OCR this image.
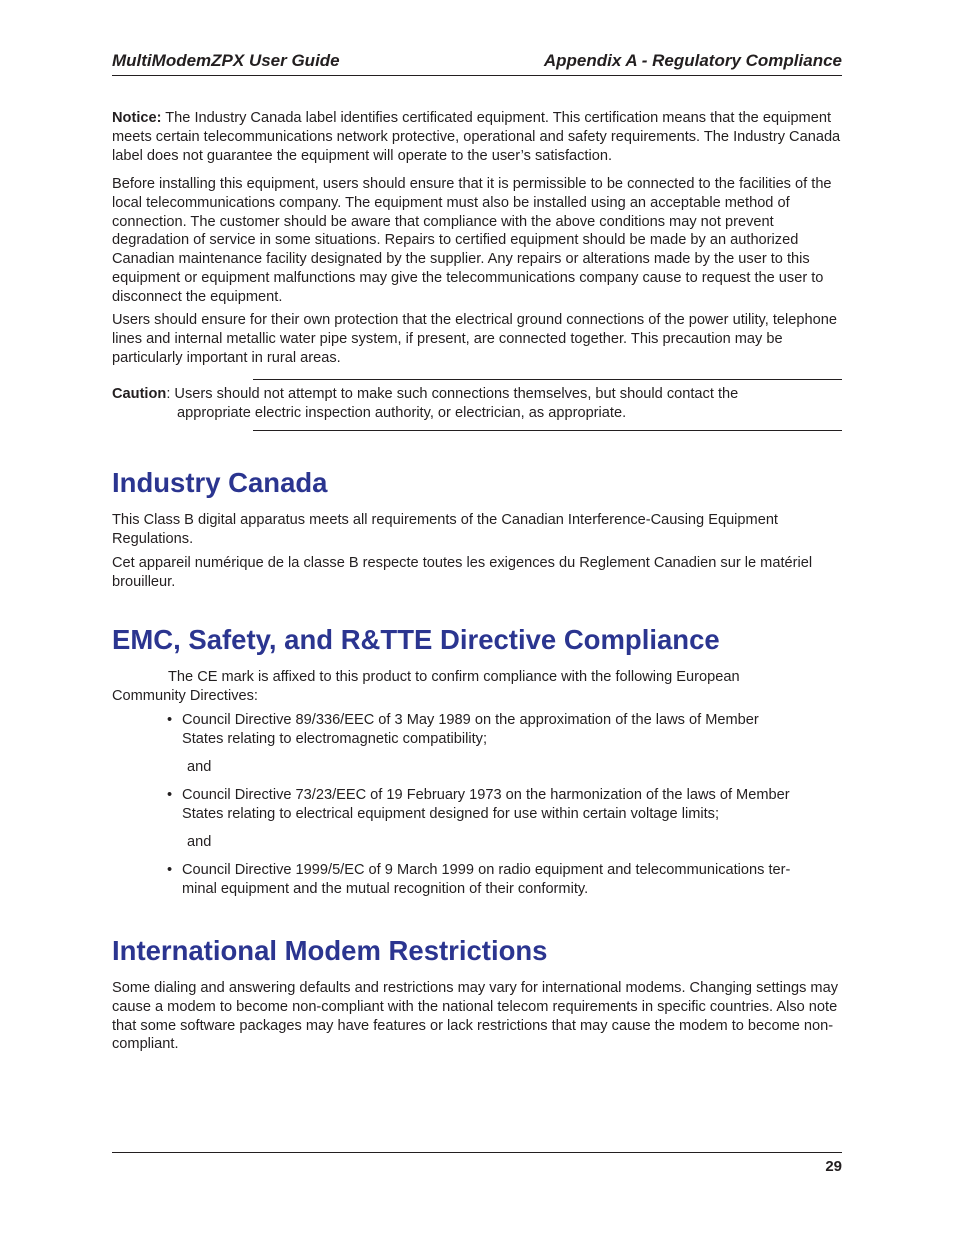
MultiModemZPX User Guide	Appendix A - Regulatory Compliance

Notice: The Industry Canada label identifies certificated equipment. This certification means that the equipment meets certain telecommunications network protective, operational and safety requirements. The Industry Canada label does not guarantee the equipment will operate to the user’s satisfaction.

Before installing this equipment, users should ensure that it is permissible to be connected to the facilities of the local telecommunications company. The equipment must also be installed using an acceptable method of connection. The customer should be aware that compliance with the above conditions may not prevent degradation of service in some situations. Repairs to certified equipment should be made by an authorized Canadian maintenance facility designated by the supplier. Any repairs or alterations made by the user to this equipment or equipment malfunctions may give the telecommunications company cause to request the user to disconnect the equipment.

Users should ensure for their own protection that the electrical ground connections of the power utility, telephone lines and internal metallic water pipe system, if present, are connected together. This precaution may be particularly important in rural areas.

Caution: Users should not attempt to make such connections themselves, but should contact the

appropriate electric inspection authority, or electrician, as appropriate.

Industry Canada

This Class B digital apparatus meets all requirements of the Canadian Interference-Causing Equipment Regulations.

Cet appareil numérique de la classe B respecte toutes les exigences du Reglement Canadien sur le matériel brouilleur.

EMC, Safety, and R&TTE Directive Compliance

The CE mark is affixed to this product to confirm compliance with the following European

Community Directives:

• Council Directive 89/336/EEC of 3 May 1989 on the approximation of the laws of Member

States relating to electromagnetic compatibility;

and

• Council Directive 73/23/EEC of 19 February 1973 on the harmonization of the laws of Member

States relating to electrical equipment designed for use within certain voltage limits;

and

• Council Directive 1999/5/EC of 9 March 1999 on radio equipment and telecommunications ter-

minal equipment and the mutual recognition of their conformity.

International Modem Restrictions

Some dialing and answering defaults and restrictions may vary for international modems. Changing settings may cause a modem to become non-compliant with the national telecom requirements in specific countries. Also note that some software packages may have features or lack restrictions that may cause the modem to become non-compliant.

29
